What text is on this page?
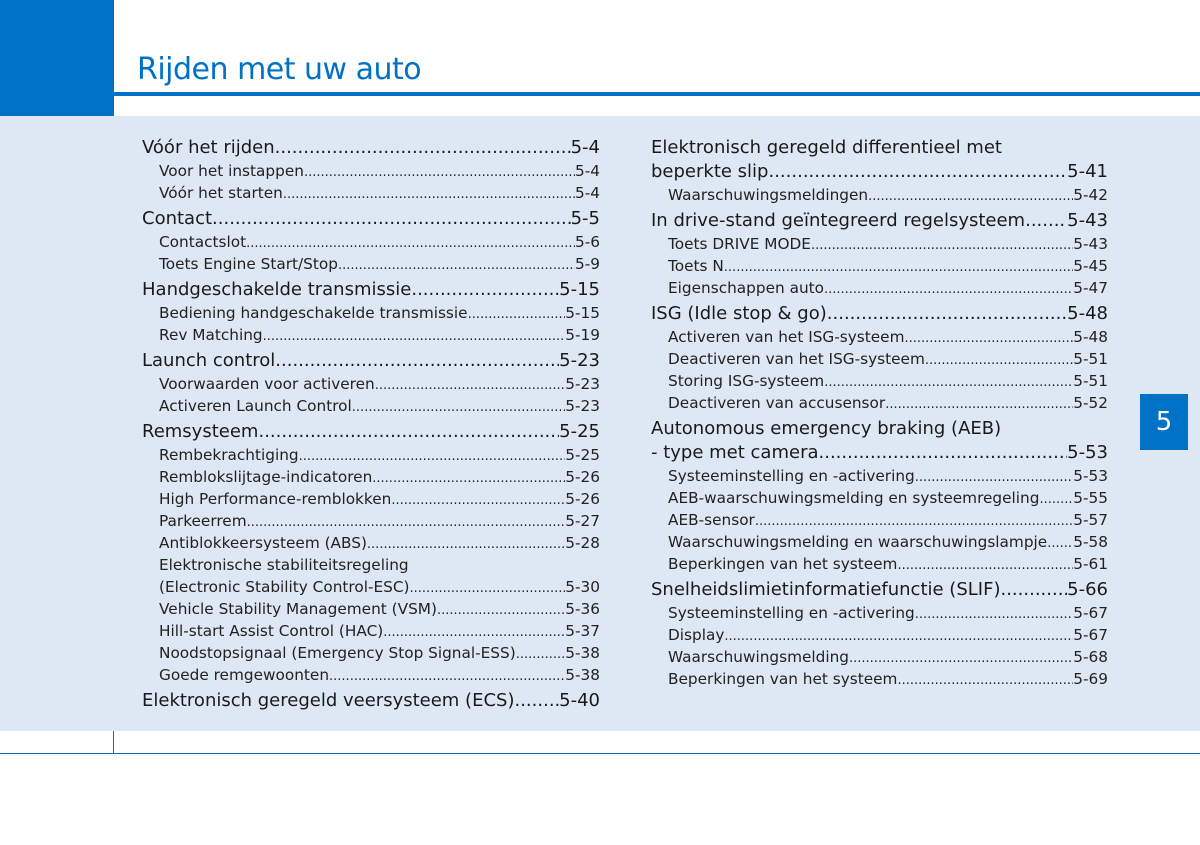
Rijden met uw auto
5
Vóór het rijden .....	5-4
Voor het instappen .....	5-4
Vóór het starten .....	5-4
Contact .....	5-5
Contactslot .....	5-6
Toets Engine Start/Stop .....	5-9
Handgeschakelde transmissie .....	5-15
Bediening handgeschakelde transmissie .....	5-15
Rev Matching .....	5-19
Launch control .....	5-23
Voorwaarden voor activeren .....	5-23
Activeren Launch Control .....	5-23
Remsysteem .....	5-25
Rembekrachtiging .....	5-25
Remblokslijtage-indicatoren .....	5-26
High Performance-remblokken .....	5-26
Parkeerrem .....	5-27
Antiblokkeersysteem (ABS) .....	5-28
Elektronische stabiliteitsregeling
(Electronic Stability Control-ESC) .....	5-30
Vehicle Stability Management (VSM) .....	5-36
Hill-start Assist Control (HAC) .....	5-37
Noodstopsignaal (Emergency Stop Signal-ESS) .....	5-38
Goede remgewoonten .....	5-38
Elektronisch geregeld veersysteem (ECS) ..... 5-40
Elektronisch geregeld differentieel met
beperkte slip .....	5-41
Waarschuwingsmeldingen .....	5-42
In drive-stand geïntegreerd regelsysteem ..... 5-43
Toets DRIVE MODE .....	5-43
Toets N .....	5-45
Eigenschappen auto .....	5-47
ISG (Idle stop & go) .....	5-48
Activeren van het ISG-systeem .....	5-48
Deactiveren van het ISG-systeem .....	5-51
Storing ISG-systeem .....	5-51
Deactiveren van accusensor .....	5-52
Autonomous emergency braking (AEB)
- type met camera .....	5-53
Systeeminstelling en -activering .....	5-53
AEB-waarschuwingsmelding en systeemregeling ..... 5-55
AEB-sensor .....	5-57
Waarschuwingsmelding en waarschuwingslampje ..... 5-58
Beperkingen van het systeem .....	5-61
Snelheidslimietinformatiefunctie (SLIF) .....	5-66
Systeeminstelling en -activering .....	5-67
Display .....	5-67
Waarschuwingsmelding .....	5-68
Beperkingen van het systeem .....	5-69
